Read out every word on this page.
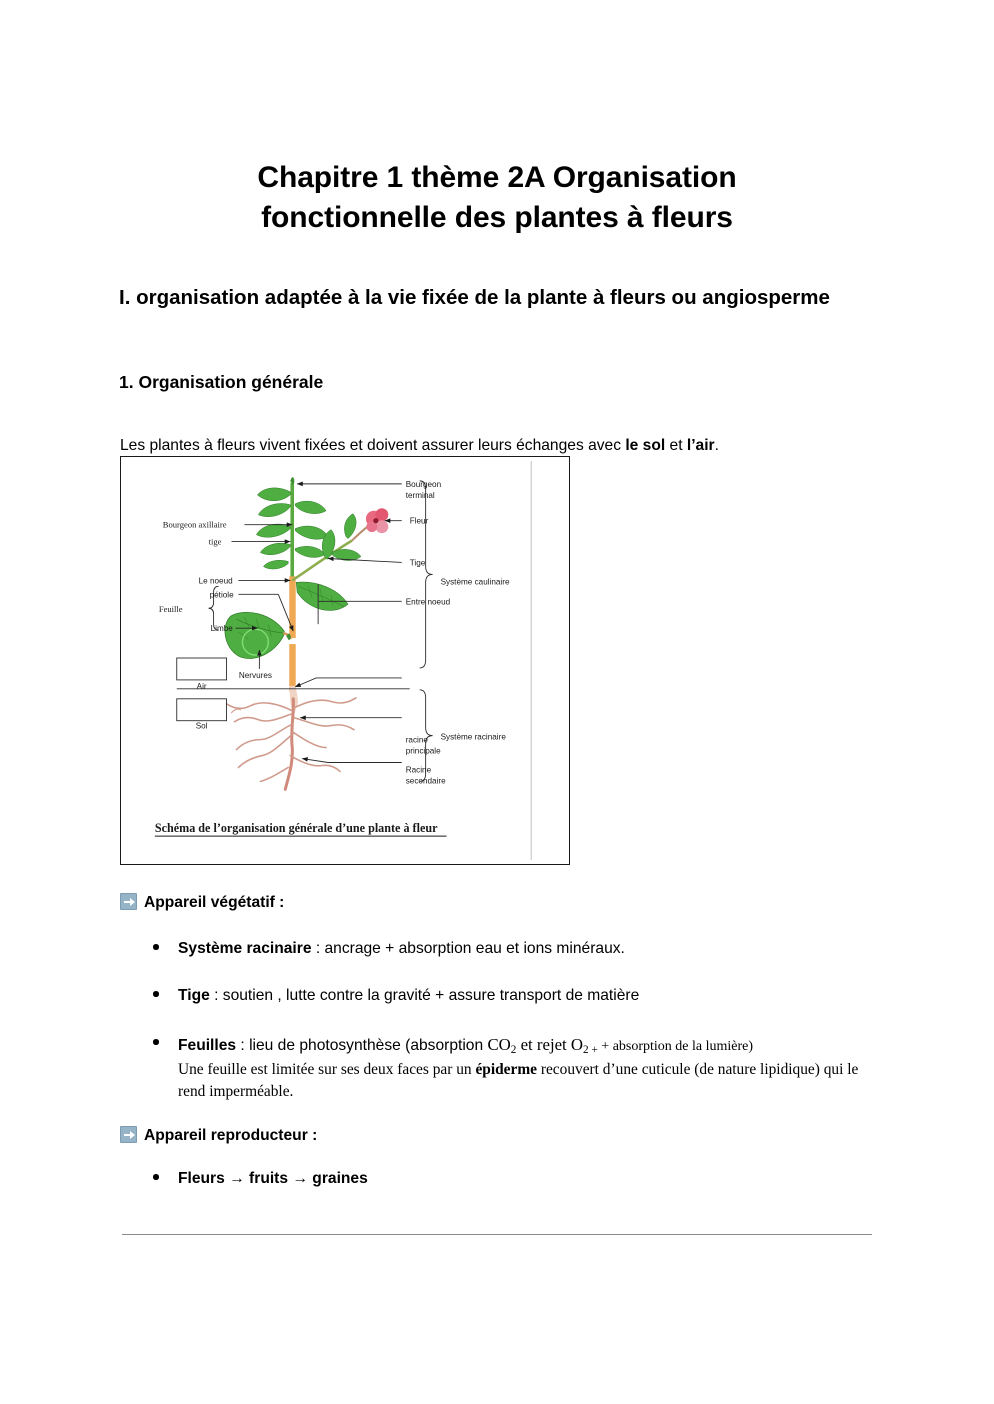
Chapitre 1 thème 2A Organisation
fonctionnelle des plantes à fleurs
I. organisation adaptée à la vie fixée de la plante à fleurs ou angiosperme
1. Organisation générale

Les plantes à fleurs vivent fixées et doivent assurer leurs échanges avec le sol et l’air.

Bourgeon
terminal
Fleur
Tige
Entre noeud
Bourgeon axillaire
tige
Le noeud
pétiole
Limbe
Feuille
Nervures
Air
Sol
racine
principale
Racine
secondaire
Système caulinaire
Système racinaire
Schéma de l’organisation générale d’une plante à fleur
Appareil végétatif :
Système racinaire : ancrage + absorption eau et ions minéraux.
Tige : soutien , lutte contre la gravité + assure transport de matière
Feuilles : lieu de photosynthèse (absorption $CO_2$ et rejet $O_{2 +}$ + absorption de la lumière)
Une feuille est limitée sur ses deux faces par un épiderme recouvert d’une cuticule (de nature lipidique) qui le rend imperméable.
Appareil reproducteur :
Fleurs → fruits → graines
